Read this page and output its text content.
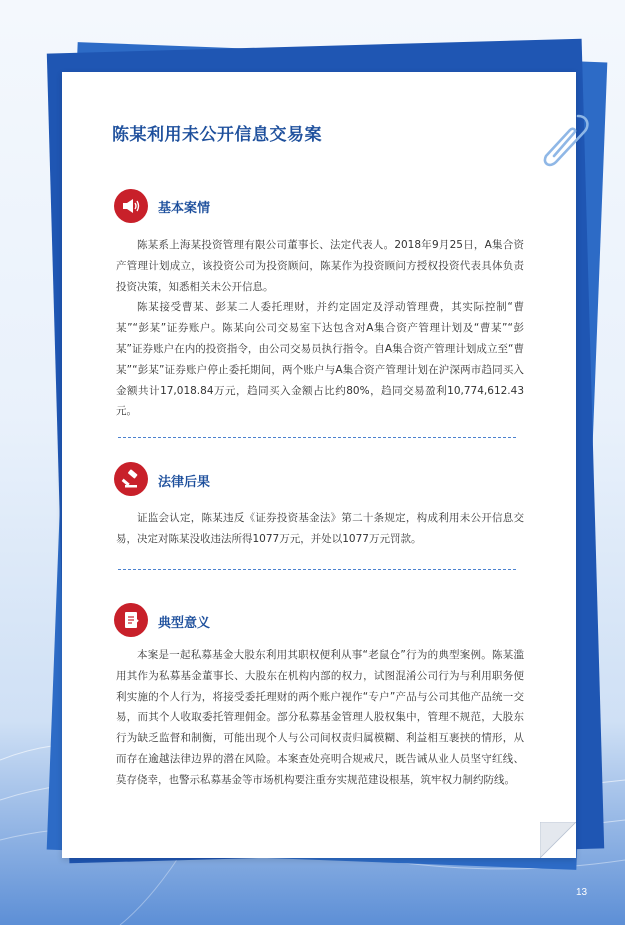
陈某利用未公开信息交易案
基本案情

陈某系上海某投资管理有限公司董事长、法定代表人。2018年9月25日，A集合资产管理计划成立，该投资公司为投资顾问，陈某作为投资顾问方授权投资代表具体负责投资决策，知悉相关未公开信息。

陈某接受曹某、彭某二人委托理财，并约定固定及浮动管理费，其实际控制“曹某”“彭某”证券账户。陈某向公司交易室下达包含对A集合资产管理计划及“曹某”“彭某”证券账户在内的投资指令，由公司交易员执行指令。自A集合资产管理计划成立至“曹某”“彭某”证券账户停止委托期间，两个账户与A集合资产管理计划在沪深两市趋同买入金额共计17,018.84万元，趋同买入金额占比约80%，趋同交易盈利10,774,612.43元。

法律后果

证监会认定，陈某违反《证券投资基金法》第二十条规定，构成利用未公开信息交易，决定对陈某没收违法所得1077万元，并处以1077万元罚款。

典型意义

本案是一起私募基金大股东利用其职权便利从事“老鼠仓”行为的典型案例。陈某滥用其作为私募基金董事长、大股东在机构内部的权力，试图混淆公司行为与利用职务便利实施的个人行为，将接受委托理财的两个账户视作“专户”产品与公司其他产品统一交易，而其个人收取委托管理佣金。部分私募基金管理人股权集中，管理不规范，大股东行为缺乏监督和制衡，可能出现个人与公司间权责归属模糊、利益相互裹挟的情形，从而存在逾越法律边界的潜在风险。本案查处亮明合规戒尺，既告诫从业人员坚守红线、莫存侥幸，也警示私募基金等市场机构要注重夯实规范建设根基，筑牢权力制约防线。

13
